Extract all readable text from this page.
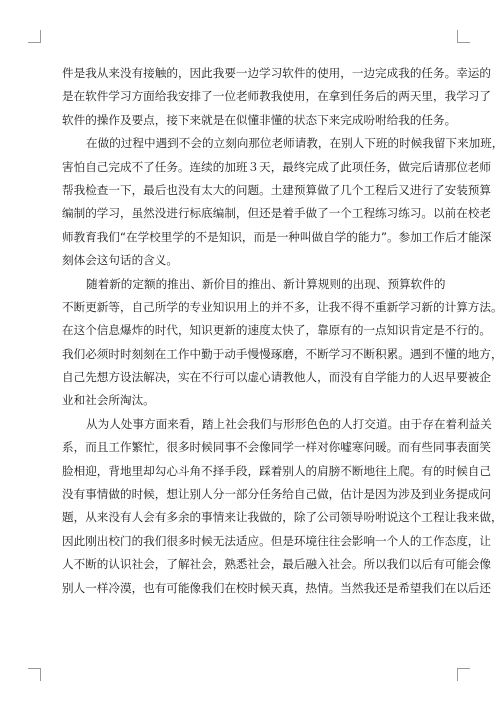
件是我从来没有接触的，因此我要一边学习软件的使用，一边完成我的任务。幸运的
是在软件学习方面给我安排了一位老师教我使用，在拿到任务后的两天里，我学习了
软件的操作及要点，接下来就是在似懂非懂的状态下来完成吩咐给我的任务。
在做的过程中遇到不会的立刻向那位老师请教，在别人下班的时候我留下来加班，
害怕自己完成不了任务。连续的加班３天，最终完成了此项任务，做完后请那位老师
帮我检查一下，最后也没有太大的问题。土建预算做了几个工程后又进行了安装预算
编制的学习，虽然没进行标底编制，但还是着手做了一个工程练习练习。以前在校老
师教育我们“在学校里学的不是知识，而是一种叫做自学的能力”。参加工作后才能深
刻体会这句话的含义。
随着新的定额的推出、新价目的推出、新计算规则的出现、预算软件的
不断更新等，自己所学的专业知识用上的并不多，让我不得不重新学习新的计算方法。
在这个信息爆炸的时代，知识更新的速度太快了，靠原有的一点知识肯定是不行的。
我们必须时时刻刻在工作中勤于动手慢慢琢磨，不断学习不断积累。遇到不懂的地方，
自己先想方设法解决，实在不行可以虚心请教他人，而没有自学能力的人迟早要被企
业和社会所淘汰。
从为人处事方面来看，踏上社会我们与形形色色的人打交道。由于存在着利益关
系，而且工作繁忙，很多时候同事不会像同学一样对你嘘寒问暖。而有些同事表面笑
脸相迎，背地里却勾心斗角不择手段，踩着别人的肩膀不断地往上爬。有的时候自己
没有事情做的时候，想让别人分一部分任务给自己做，估计是因为涉及到业务提成问
题，从来没有人会有多余的事情来让我做的，除了公司领导吩咐说这个工程让我来做，
因此刚出校门的我们很多时候无法适应。但是环境往往会影响一个人的工作态度，让
人不断的认识社会，了解社会，熟悉社会，最后融入社会。所以我们以后有可能会像
别人一样冷漠，也有可能像我们在校时候天真，热情。当然我还是希望我们在以后还
